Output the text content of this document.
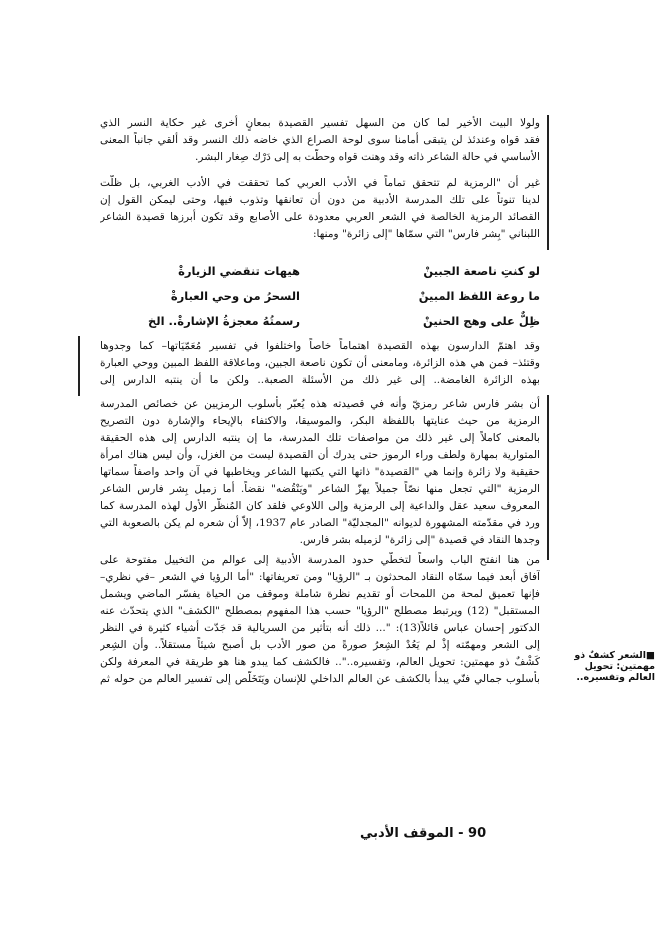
ولولا البيت الأخير لما كان من السهل تفسير القصيدة بمعانٍ أخرى غير حكاية النسر الذي
فقد قواه وعندئذ لن يتبقى أمامنا سوى لوحة الصراع الذي خاضه ذلك النسر وقد ألقي جانباً المعنى
الأساسي في حالة الشاعر ذاته وقد وهنت قواه وحطّت به إلى دَرْك صِغار البشر.
غير أن "الرمزية لم تتحقق تماماً في الأدب العربي كما تحققت في الأدب الغربي، بل ظلّت
لدينا تنوتاً على تلك المدرسة الأدبية من دون أن تعانقها وتذوب فيها، وحتى ليمكن القول إن
القصائد الرمزية الخالصة في الشعر العربي معدودة على الأصابع وقد تكون أبرزها قصيدة الشاعر
اللبناني "بِشر فارس" التي سمّاها "إلى زائرة" ومنها:
لو كنتِ ناصعة الجبينْ
هيهات تنقضي الزيارةْ
ما روعة اللفظ المبينْ
السحرُ من وحي العبارةْ
ظِلٌّ على وهج الحنينْ
رسمتُهُ معجزةُ الإشارةْ.. الخ
وقد اهتمّ الدارسون بهذه القصيدة اهتماماً خاصاً واختلفوا في تفسير مُعَمّيَاتها– كما وجدوها
وقتئذ– فمن هي هذه الزائرة، ومامعنى أن تكون ناصعة الجبين، وماعلاقة اللفظ المبين ووحي العبارة
بهذه الزائرة الغامضة.. إلى غير ذلك من الأسئلة الصعبة.. ولكن ما أن ينتبه الدارس إلى
أن بشر فارس شاعر رمزيّ وأنه في قصيدته هذه يُعبّر بأسلوب الرمزيين عن خصائص المدرسة
الرمزية من حيث عنايتها باللفظة البكر، والموسيقا، والاكتفاء بالإيحاء والإشارة دون التصريح
بالمعنى كاملاً إلى غير ذلك من مواصفات تلك المدرسة، ما إن ينتبه الدارس إلى هذه الحقيقة
المتوارية بمهارة ولطف وراء الرموز حتى يدرك أن القصيدة ليست من الغزل، وأن ليس هناك امرأة
حقيقية ولا زائرة وإنما هي "القصيدة" ذاتها التي يكتبها الشاعر ويخاطبها في آن واحد واصفاً سماتها
الرمزية "التي تجعل منها نصّاً جميلاً يهزّ الشاعر "ويَنْقُضه" نقضاً. أما زميل بِشر فارس الشاعر
المعروف سعيد عقل والداعية إلى الرمزية وإلى اللاوعي فلقد كان المُنظّر الأول لهذه المدرسة كما
ورد في مقدّمته المشهورة لديوانه "المجدليّة" الصادر عام 1937، إلاّ أن شعره لم يكن بالصعوبة التي
وجدها النقاد في قصيدة "إلى زائرة" لزميله بشر فارس.
من هنا انفتح الباب واسعاً لتخطّي حدود المدرسة الأدبية إلى عوالم من التخييل مفتوحة على
آفاق أبعد فيما سمّاه النقاد المحدثون بـ "الرؤيا" ومن تعريفاتها: "أما الرؤيا في الشعر –في نظري–
فإنها تعميق لمحة من اللمحات أو تقديم نظرة شاملة وموقف من الحياة يفسّر الماضي ويشمل
المستقبل" (12) ويرتبط مصطلح "الرؤيا" حسب هذا المفهوم بمصطلح "الكشف" الذي يتحدّث عنه
الدكتور إحسان عباس قائلاً(13): "... ذلك أنه بتأثير من السريالية قد جَدّت أشياء كثيرة في النظر
إلى الشعر ومهمّته إذْ لم يَعُدْ الشِعرُ صورةً من صور الأدب بل أصبح شيئاً مستقلاً.. وأن الشِعر
كَشْفٌ ذو مهمتين: تحويل العالم، وتفسيره..".. فالكشف كما يبدو هنا هو طريقة في المعرفة ولكن
بأسلوب جمالي فنّي يبدأ بالكشف عن العالم الداخلي للإنسان ويَتَخَلّص إلى تفسير العالم من حوله ثم
■الشعر كشفٌ ذو مهمتين: تحويل العالم وتفسيره..
90 - الموقف الأدبي
